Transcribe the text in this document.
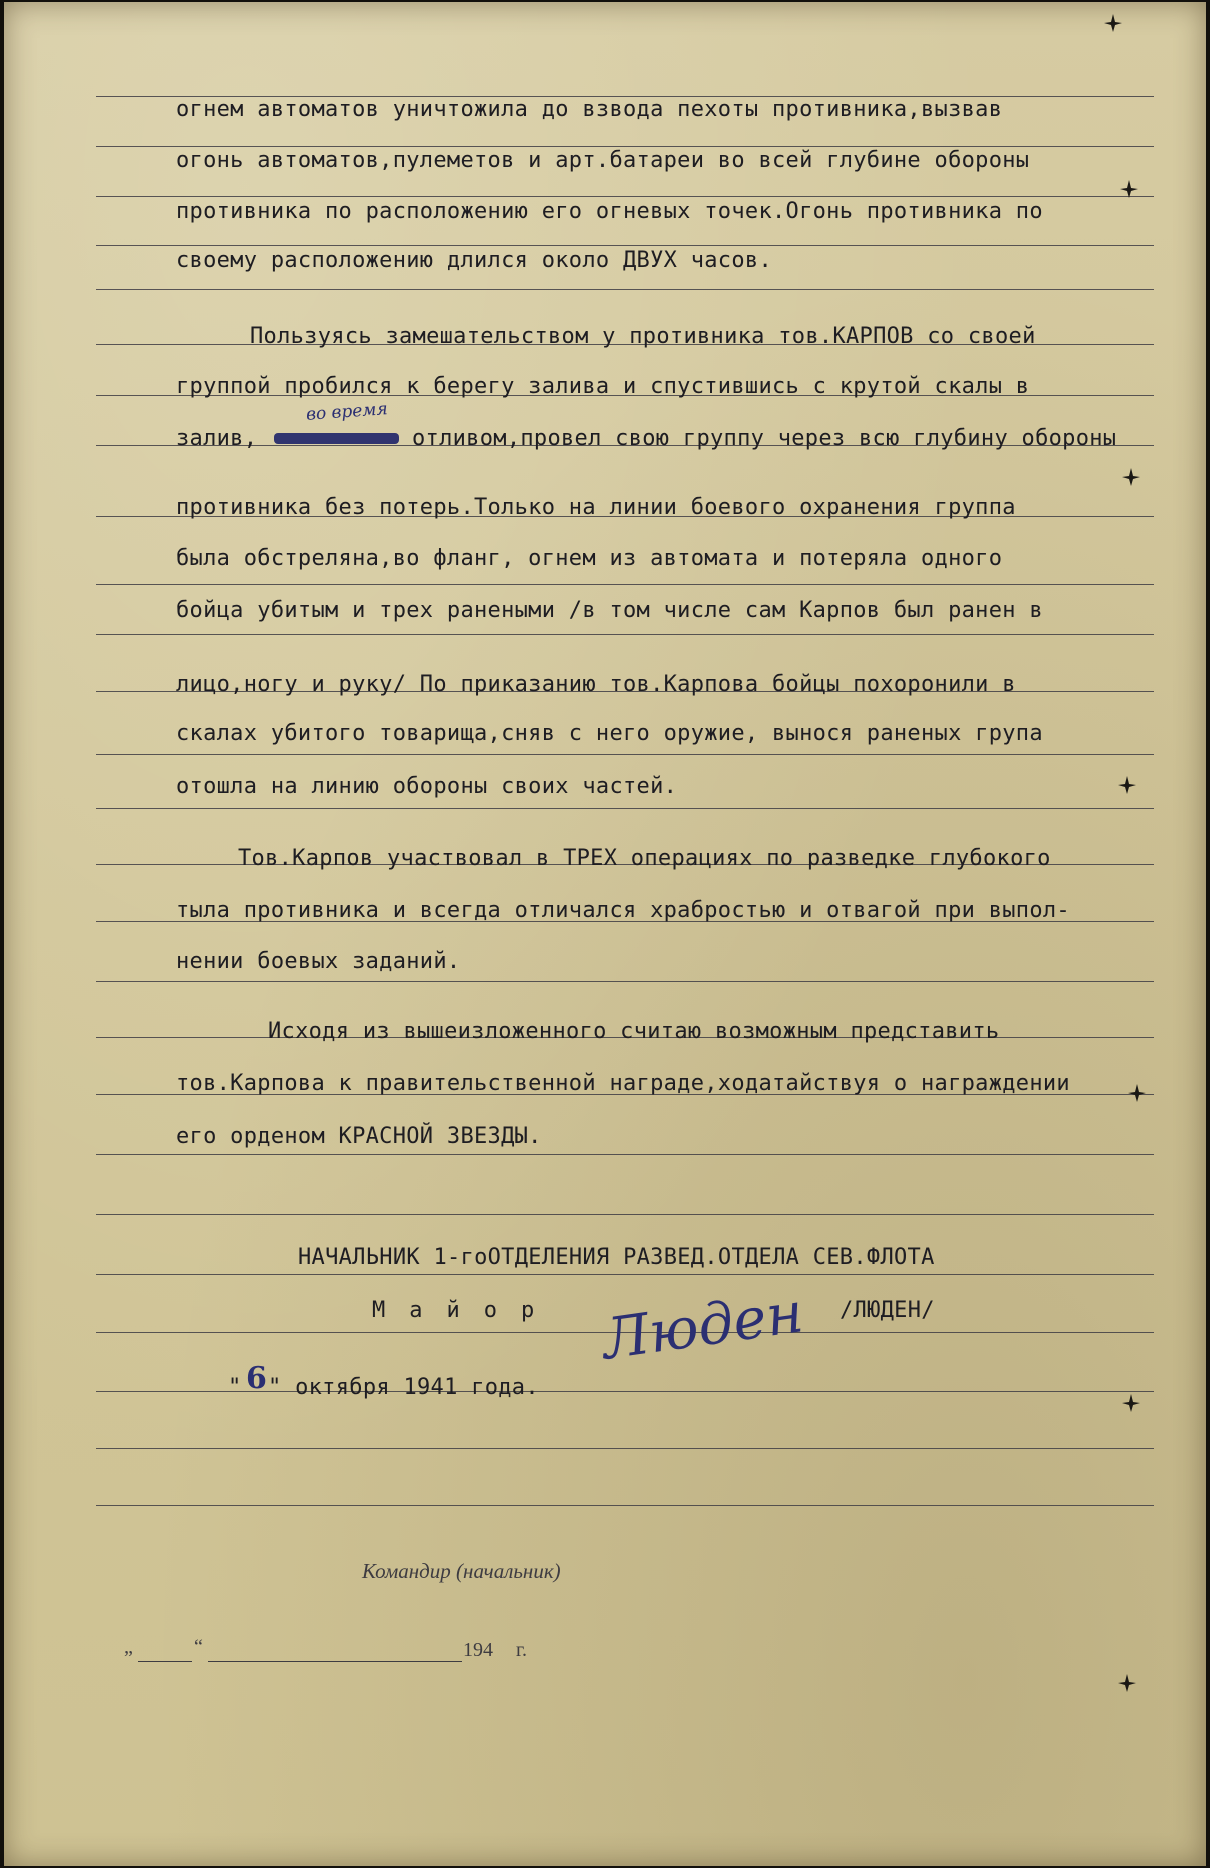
огнем автоматов уничтожила до взвода пехоты противника,вызвав
огонь автоматов,пулеметов и арт.батареи во всей глубине обороны
противника по расположению его огневых точек.Огонь противника по
своему расположению длился около ДВУХ часов.
Пользуясь замешательством у противника тов.КАРПОВ со своей
группой пробился к берегу залива и спустившись с крутой скалы в
залив,
во время
отливом,провел свою группу через всю глубину обороны
противника без потерь.Только на линии боевого охранения группа
была обстреляна,во фланг, огнем из автомата и потеряла одного
бойца убитым и трех ранеными /в том числе сам Карпов был ранен в
лицо,ногу и руку/ По приказанию тов.Карпова бойцы похоронили в
скалах убитого товарища,сняв с него оружие, вынося раненых група
отошла на линию обороны своих частей.
Тов.Карпов участвовал в ТРЕХ операциях по разведке глубокого
тыла противника и всегда отличался храбростью и отвагой при выпол-
нении боевых заданий.
Исходя из вышеизложенного считаю возможным представить
тов.Карпова к правительственной награде,ходатайствуя о награждении
его орденом КРАСНОЙ ЗВЕЗДЫ.
НАЧАЛЬНИК 1-гоОТДЕЛЕНИЯ РАЗВЕД.ОТДЕЛА СЕВ.ФЛОТА
Майор Люден /ЛЮДЕН/
" 6 " октября 1941 года.
Командир (начальник)
„	“	194 г.
